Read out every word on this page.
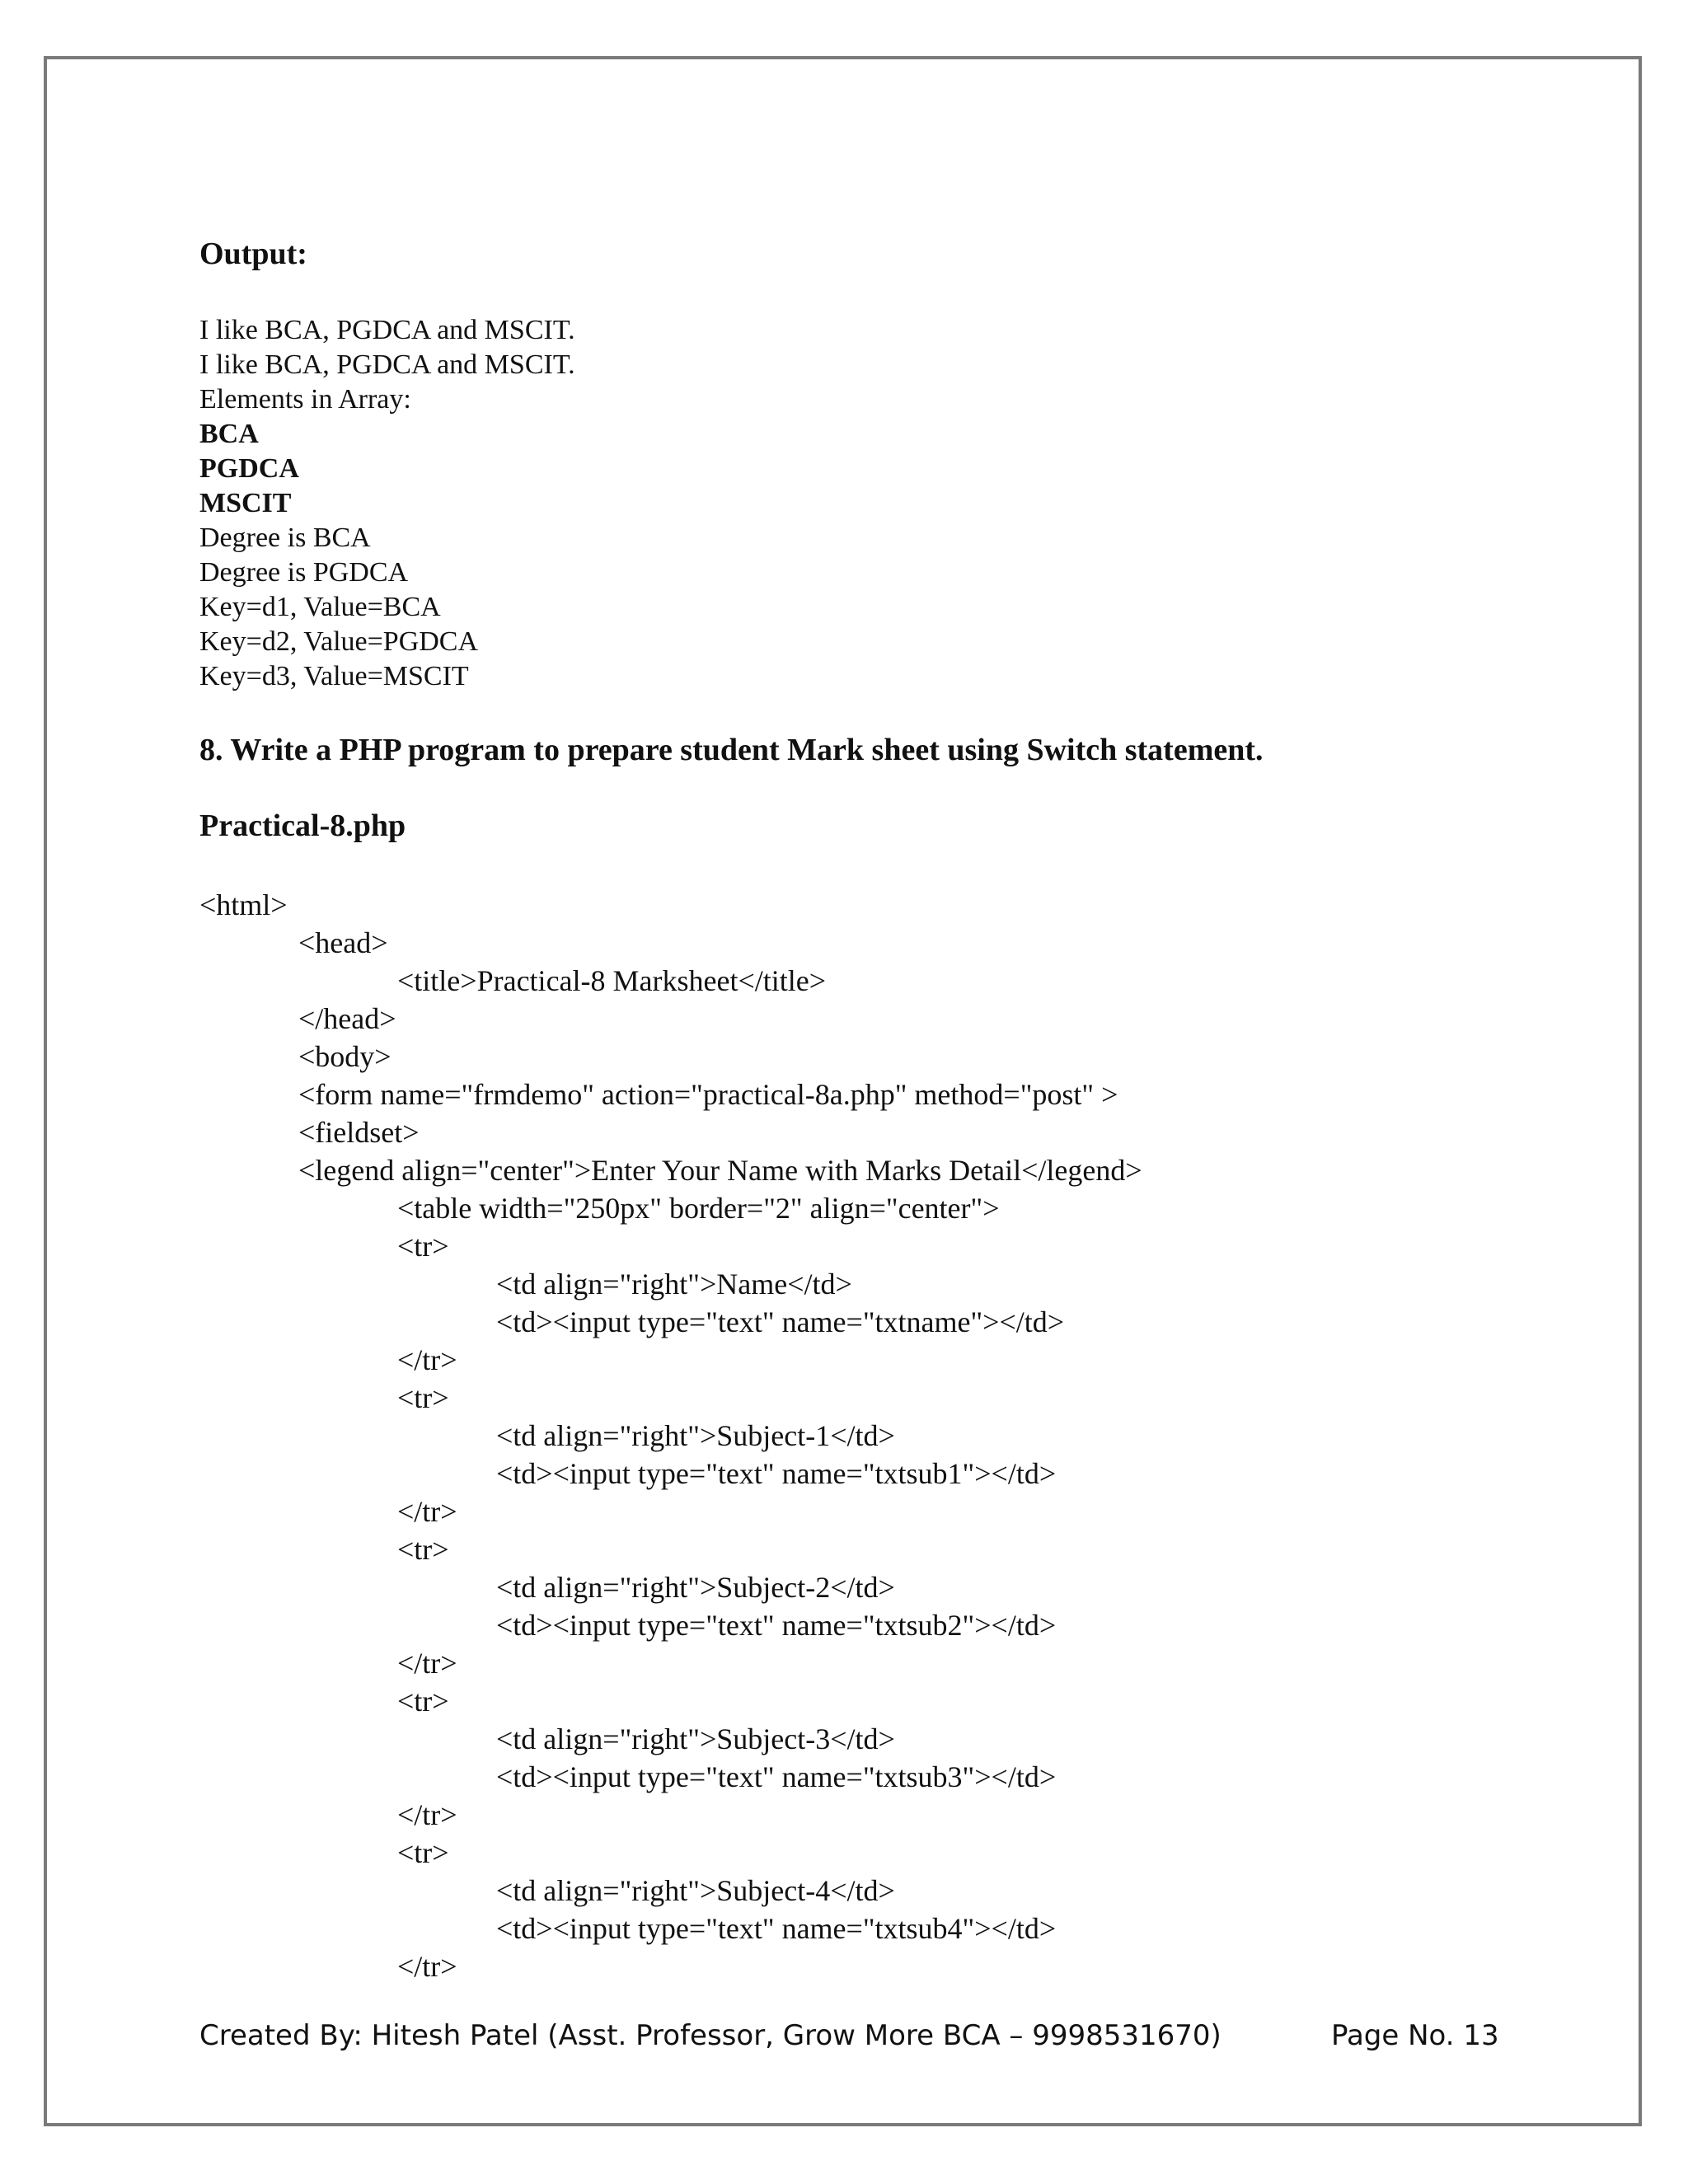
Output:
I like BCA, PGDCA and MSCIT.
I like BCA, PGDCA and MSCIT.
Elements in Array:
BCA
PGDCA
MSCIT
Degree is BCA
Degree is PGDCA
Key=d1, Value=BCA
Key=d2, Value=PGDCA
Key=d3, Value=MSCIT
8. Write a PHP program to prepare student Mark sheet using Switch statement.
Practical-8.php
<html>
<head>
<title>Practical-8 Marksheet</title>
</head>
<body>
<form name="frmdemo" action="practical-8a.php" method="post" >
<fieldset>
<legend align="center">Enter Your Name with Marks Detail</legend>
<table width="250px" border="2" align="center">
<tr>
<td align="right">Name</td>
<td><input type="text" name="txtname"></td>
</tr>
<tr>
<td align="right">Subject-1</td>
<td><input type="text" name="txtsub1"></td>
</tr>
<tr>
<td align="right">Subject-2</td>
<td><input type="text" name="txtsub2"></td>
</tr>
<tr>
<td align="right">Subject-3</td>
<td><input type="text" name="txtsub3"></td>
</tr>
<tr>
<td align="right">Subject-4</td>
<td><input type="text" name="txtsub4"></td>
</tr>
Created By: Hitesh Patel (Asst. Professor, Grow More BCA – 9998531670)	Page No. 13
